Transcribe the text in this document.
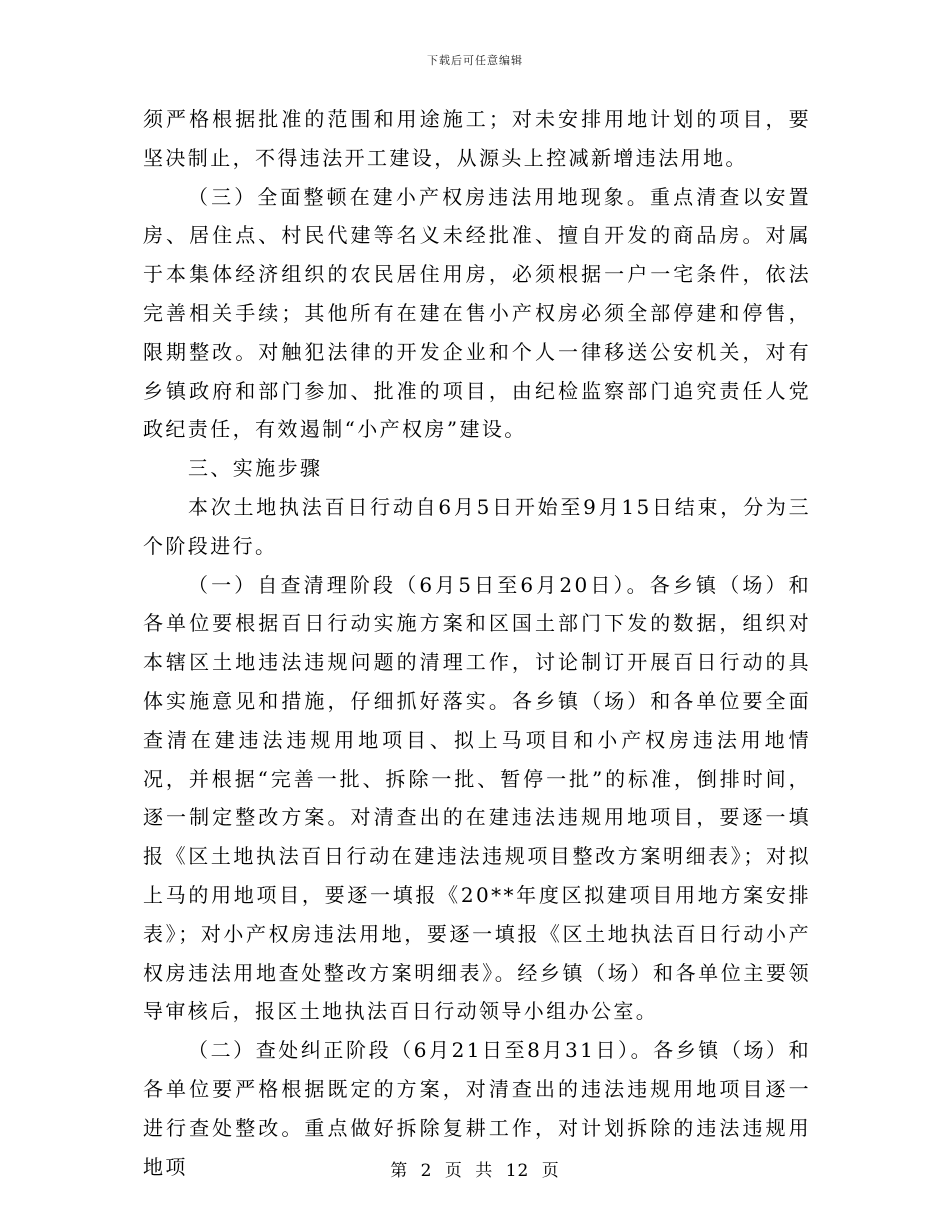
下载后可任意编辑

须严格根据批准的范围和用途施工；对未安排用地计划的项目，要坚决制止，不得违法开工建设，从源头上控减新增违法用地。

（三）全面整顿在建小产权房违法用地现象。重点清查以安置房、居住点、村民代建等名义未经批准、擅自开发的商品房。对属于本集体经济组织的农民居住用房，必须根据一户一宅条件，依法完善相关手续；其他所有在建在售小产权房必须全部停建和停售，限期整改。对触犯法律的开发企业和个人一律移送公安机关，对有乡镇政府和部门参加、批准的项目，由纪检监察部门追究责任人党政纪责任，有效遏制“小产权房”建设。

三、实施步骤

本次土地执法百日行动自6月5日开始至9月15日结束，分为三个阶段进行。

（一）自查清理阶段（6月5日至6月20日）。各乡镇（场）和各单位要根据百日行动实施方案和区国土部门下发的数据，组织对本辖区土地违法违规问题的清理工作，讨论制订开展百日行动的具体实施意见和措施，仔细抓好落实。各乡镇（场）和各单位要全面查清在建违法违规用地项目、拟上马项目和小产权房违法用地情况，并根据“完善一批、拆除一批、暂停一批”的标准，倒排时间，逐一制定整改方案。对清查出的在建违法违规用地项目，要逐一填报《区土地执法百日行动在建违法违规项目整改方案明细表》；对拟上马的用地项目，要逐一填报《20**年度区拟建项目用地方案安排表》；对小产权房违法用地，要逐一填报《区土地执法百日行动小产权房违法用地查处整改方案明细表》。经乡镇（场）和各单位主要领导审核后，报区土地执法百日行动领导小组办公室。

（二）查处纠正阶段（6月21日至8月31日）。各乡镇（场）和各单位要严格根据既定的方案，对清查出的违法违规用地项目逐一进行查处整改。重点做好拆除复耕工作，对计划拆除的违法违规用地项	第 2 页 共 12 页
